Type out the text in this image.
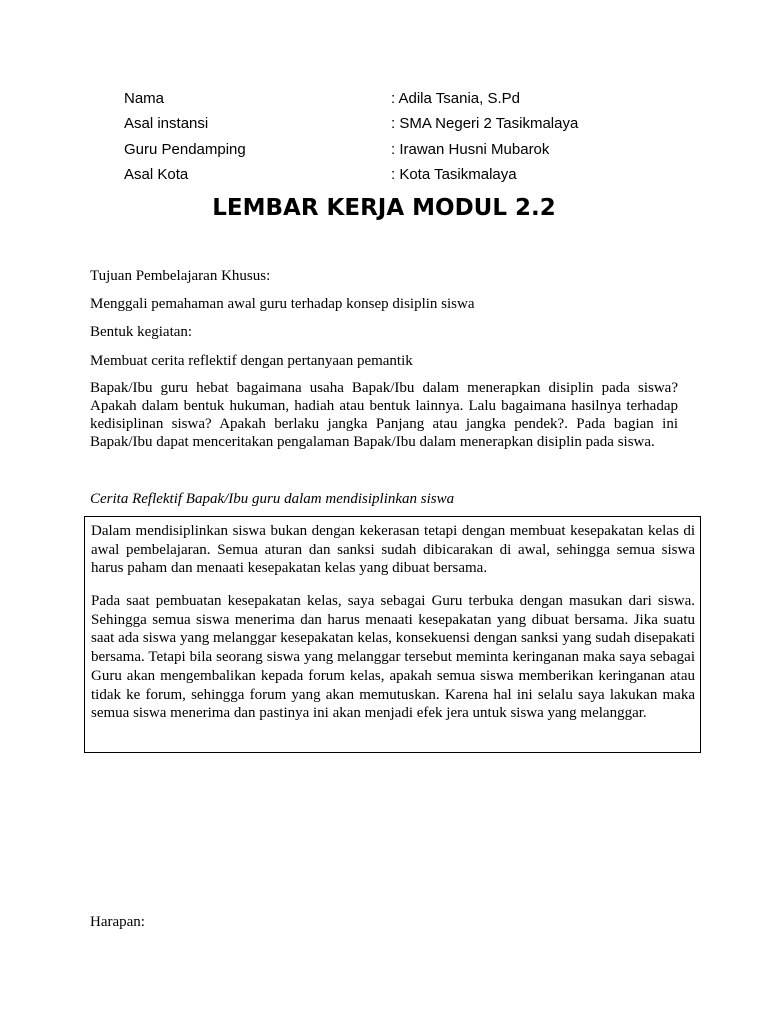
Nama	: Adila Tsania, S.Pd
Asal instansi	: SMA Negeri 2 Tasikmalaya
Guru Pendamping	: Irawan Husni Mubarok
Asal Kota	: Kota Tasikmalaya
LEMBAR KERJA MODUL 2.2
Tujuan Pembelajaran Khusus:
Menggali pemahaman awal guru terhadap konsep disiplin siswa
Bentuk kegiatan:
Membuat cerita reflektif dengan pertanyaan pemantik
Bapak/Ibu guru hebat bagaimana usaha Bapak/Ibu dalam menerapkan disiplin pada siswa? Apakah dalam bentuk hukuman, hadiah atau bentuk lainnya. Lalu bagaimana hasilnya terhadap kedisiplinan siswa? Apakah berlaku jangka Panjang atau jangka pendek?. Pada bagian ini Bapak/Ibu dapat menceritakan pengalaman Bapak/Ibu dalam menerapkan disiplin pada siswa.
Cerita Reflektif Bapak/Ibu guru dalam mendisiplinkan siswa

Dalam mendisiplinkan siswa bukan dengan kekerasan tetapi dengan membuat kesepakatan kelas di awal pembelajaran. Semua aturan dan sanksi sudah dibicarakan di awal, sehingga semua siswa harus paham dan menaati kesepakatan kelas yang dibuat bersama.

Pada saat pembuatan kesepakatan kelas, saya sebagai Guru terbuka dengan masukan dari siswa. Sehingga semua siswa menerima dan harus menaati kesepakatan yang dibuat bersama. Jika suatu saat ada siswa yang melanggar kesepakatan kelas, konsekuensi dengan sanksi yang sudah disepakati bersama. Tetapi bila seorang siswa yang melanggar tersebut meminta keringanan maka saya sebagai Guru akan mengembalikan kepada forum kelas, apakah semua siswa memberikan keringanan atau tidak ke forum, sehingga forum yang akan memutuskan. Karena hal ini selalu saya lakukan maka semua siswa menerima dan pastinya ini akan menjadi efek jera untuk siswa yang melanggar.

Harapan:
